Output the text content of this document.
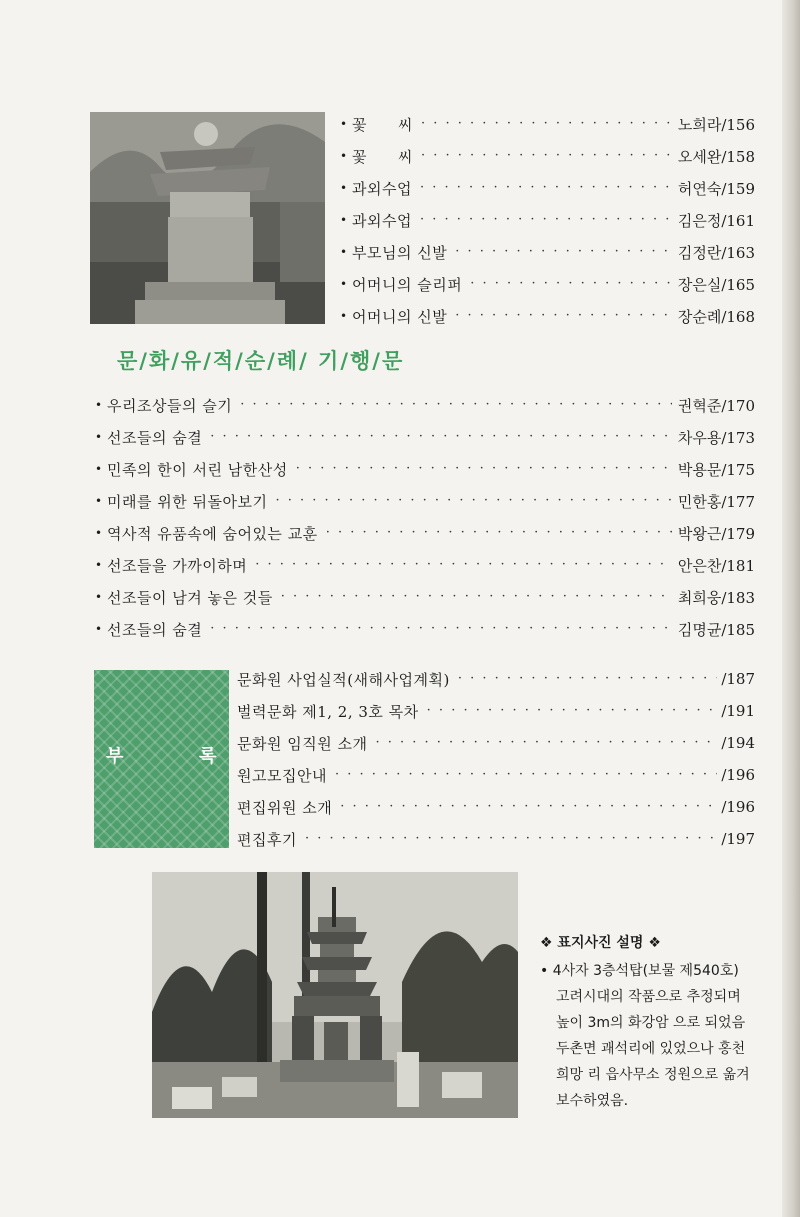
• 꽃　　씨 · · ·	노희라/156
• 꽃　　씨 · · ·	오세완/158
• 과외수업 · · ·	허연숙/159
• 과외수업 · · ·	김은정/161
• 부모님의 신발 · · ·	김정란/163
• 어머니의 슬리퍼 · · ·	장은실/165
• 어머니의 신발 · · ·	장순례/168
문/화/유/적/순/례/ 기/행/문
• 우리조상들의 슬기 · · ·	권혁준/170
• 선조들의 숨결 · · ·	차우용/173
• 민족의 한이 서린 남한산성 · · ·	박용문/175
• 미래를 위한 뒤돌아보기 · · ·	민한홍/177
• 역사적 유품속에 숨어있는 교훈 · · ·	박왕근/179
• 선조들을 가까이하며 · · ·	안은찬/181
• 선조들이 남겨 놓은 것들 · · ·	최희웅/183
• 선조들의 숨결 · · ·	김명균/185
부	록
문화원 사업실적(새해사업계획) · · ·	/187
벌력문화 제1, 2, 3호 목차 · · ·	/191
문화원 임직원 소개 · · ·	/194
원고모집안내 · · ·	/196
편집위원 소개 · · ·	/196
편집후기 · · ·	/197
❖ 표지사진 설명 ❖
• 4사자 3층석탑(보물 제540호)
고려시대의 작품으로 추정되며
높이 3m의 화강암 으로 되었음
두촌면 괘석리에 있었으나 홍천
희망 리 읍사무소 정원으로 옮겨
보수하였음.
